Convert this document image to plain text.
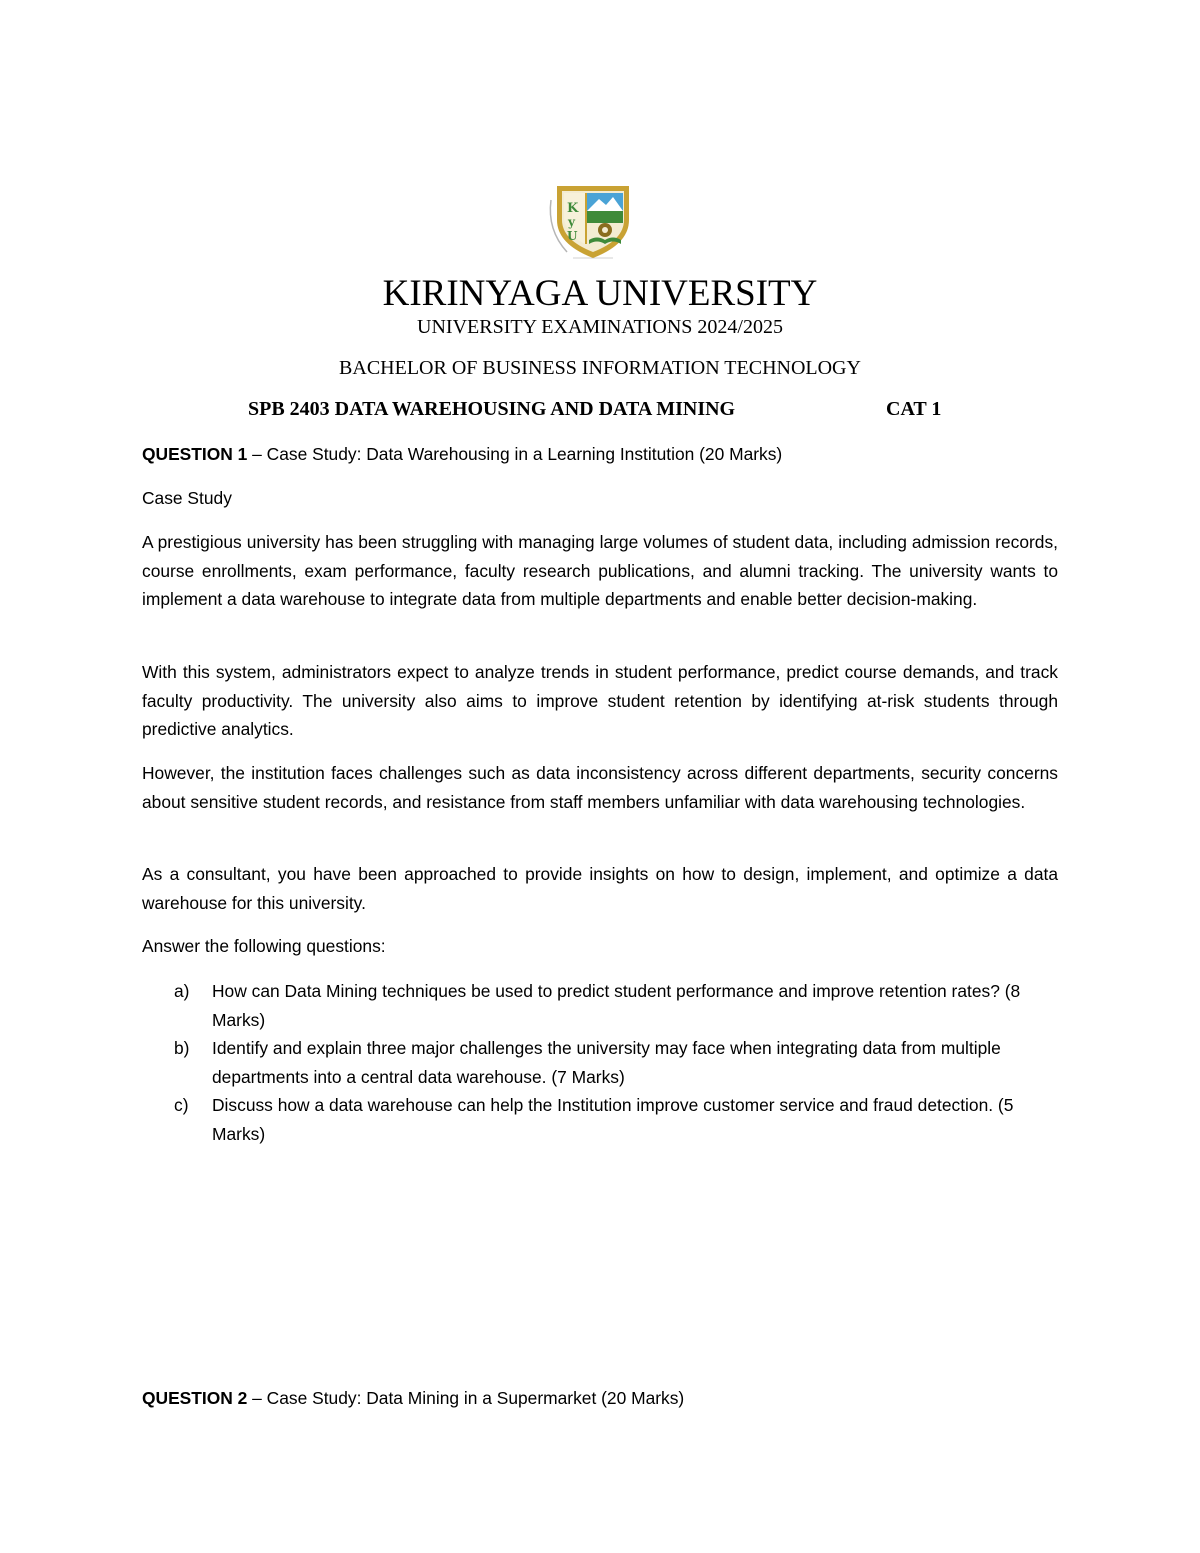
K
y
U
KIRINYAGA UNIVERSITY
UNIVERSITY EXAMINATIONS 2024/2025
BACHELOR OF BUSINESS INFORMATION TECHNOLOGY
SPB 2403 DATA WAREHOUSING AND DATA MINING	CAT 1
QUESTION 1 – Case Study: Data Warehousing in a Learning Institution (20 Marks)
Case Study

A prestigious university has been struggling with managing large volumes of student data, including admission records, course enrollments, exam performance, faculty research publications, and alumni tracking. The university wants to implement a data warehouse to integrate data from multiple departments and enable better decision-making.

With this system, administrators expect to analyze trends in student performance, predict course demands, and track faculty productivity. The university also aims to improve student retention by identifying at-risk students through predictive analytics.

However, the institution faces challenges such as data inconsistency across different departments, security concerns about sensitive student records, and resistance from staff members unfamiliar with data warehousing technologies.

As a consultant, you have been approached to provide insights on how to design, implement, and optimize a data warehouse for this university.

Answer the following questions:
a) How can Data Mining techniques be used to predict student performance and improve retention rates? (8 Marks)
b) Identify and explain three major challenges the university may face when integrating data from multiple departments into a central data warehouse. (7 Marks)
c) Discuss how a data warehouse can help the Institution improve customer service and fraud detection. (5 Marks)
QUESTION 2 – Case Study: Data Mining in a Supermarket (20 Marks)
